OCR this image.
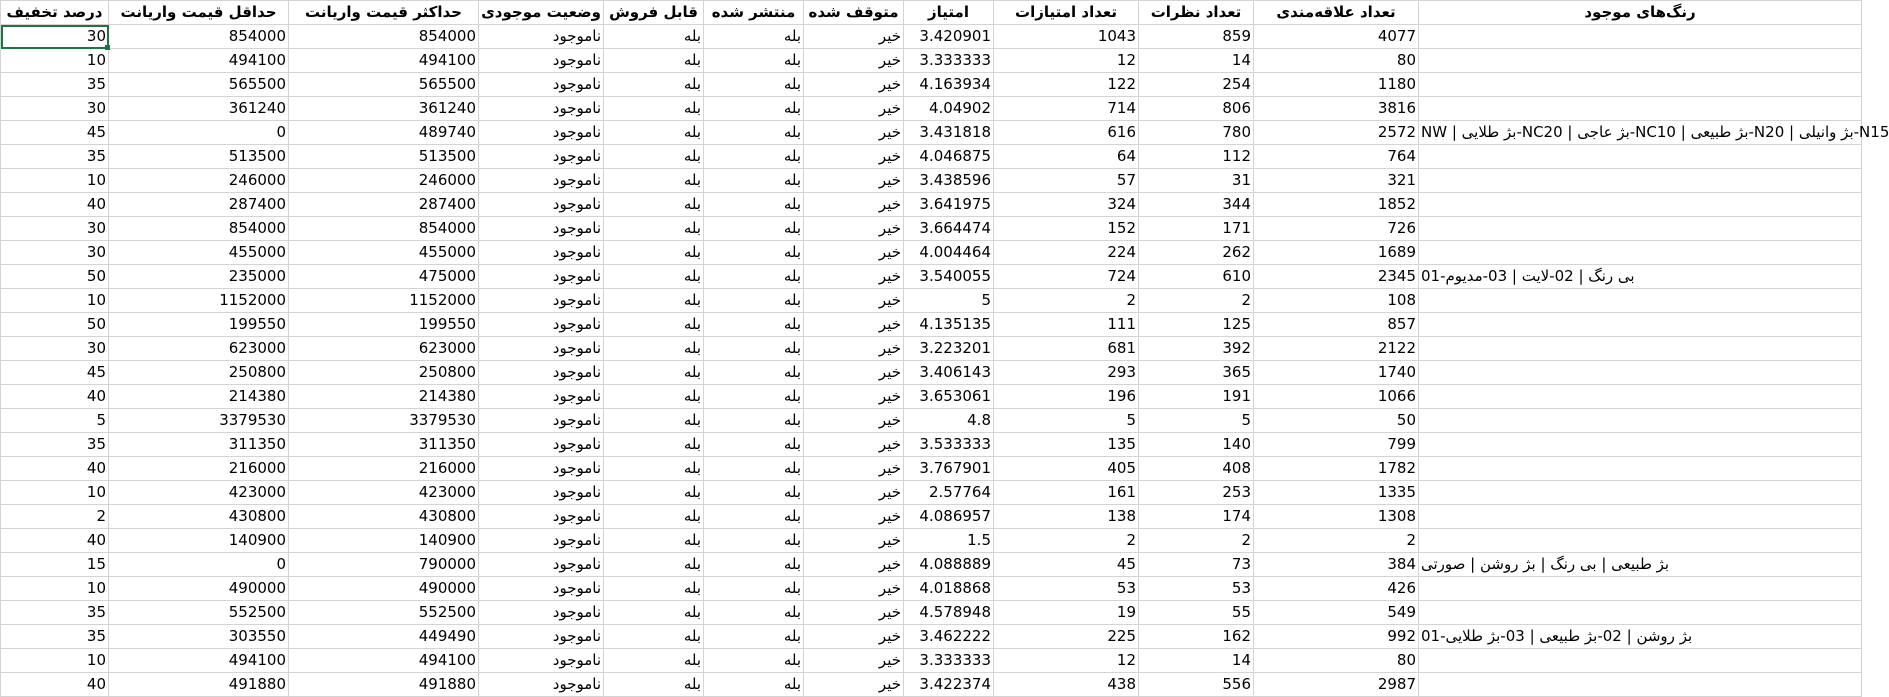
درصد تخفیف	حداقل قیمت واریانت	حداکثر قیمت واریانت	وضعیت موجودی	قابل فروش	منتشر شده	متوقف شده	امتیاز	تعداد امتیازات	تعداد نظرات	تعداد علاقه‌مندی	رنگ‌های موجود
30	854000	854000	ناموجود	بله	بله	خیر	3.420901	1043	859	4077	
10	494100	494100	ناموجود	بله	بله	خیر	3.333333	12	14	80	
35	565500	565500	ناموجود	بله	بله	خیر	4.163934	122	254	1180	
30	361240	361240	ناموجود	بله	بله	خیر	4.04902	714	806	3816	
45	0	489740	ناموجود	بله	بله	خیر	3.431818	616	780	2572	NW | بژ طلایی-NC20 | بژ عاجی-NC10 | بژ طبیعی-N20 | بژ وانیلی-N15
35	513500	513500	ناموجود	بله	بله	خیر	4.046875	64	112	764	
10	246000	246000	ناموجود	بله	بله	خیر	3.438596	57	31	321	
40	287400	287400	ناموجود	بله	بله	خیر	3.641975	324	344	1852	
30	854000	854000	ناموجود	بله	بله	خیر	3.664474	152	171	726	
30	455000	455000	ناموجود	بله	بله	خیر	4.004464	224	262	1689	
50	235000	475000	ناموجود	بله	بله	خیر	3.540055	724	610	2345	بی رنگ | 02-لایت | 03-مدیوم-01
10	1152000	1152000	ناموجود	بله	بله	خیر	5	2	2	108	
50	199550	199550	ناموجود	بله	بله	خیر	4.135135	111	125	857	
30	623000	623000	ناموجود	بله	بله	خیر	3.223201	681	392	2122	
45	250800	250800	ناموجود	بله	بله	خیر	3.406143	293	365	1740	
40	214380	214380	ناموجود	بله	بله	خیر	3.653061	196	191	1066	
5	3379530	3379530	ناموجود	بله	بله	خیر	4.8	5	5	50	
35	311350	311350	ناموجود	بله	بله	خیر	3.533333	135	140	799	
40	216000	216000	ناموجود	بله	بله	خیر	3.767901	405	408	1782	
10	423000	423000	ناموجود	بله	بله	خیر	2.57764	161	253	1335	
2	430800	430800	ناموجود	بله	بله	خیر	4.086957	138	174	1308	
40	140900	140900	ناموجود	بله	بله	خیر	1.5	2	2	2	
15	0	790000	ناموجود	بله	بله	خیر	4.088889	45	73	384	بژ طبیعی | بی رنگ | بژ روشن | صورتی
10	490000	490000	ناموجود	بله	بله	خیر	4.018868	53	53	426	
35	552500	552500	ناموجود	بله	بله	خیر	4.578948	19	55	549	
35	303550	449490	ناموجود	بله	بله	خیر	3.462222	225	162	992	بژ روشن | 02-بژ طبیعی | 03-بژ طلایی-01
10	494100	494100	ناموجود	بله	بله	خیر	3.333333	12	14	80	
40	491880	491880	ناموجود	بله	بله	خیر	3.422374	438	556	2987	
